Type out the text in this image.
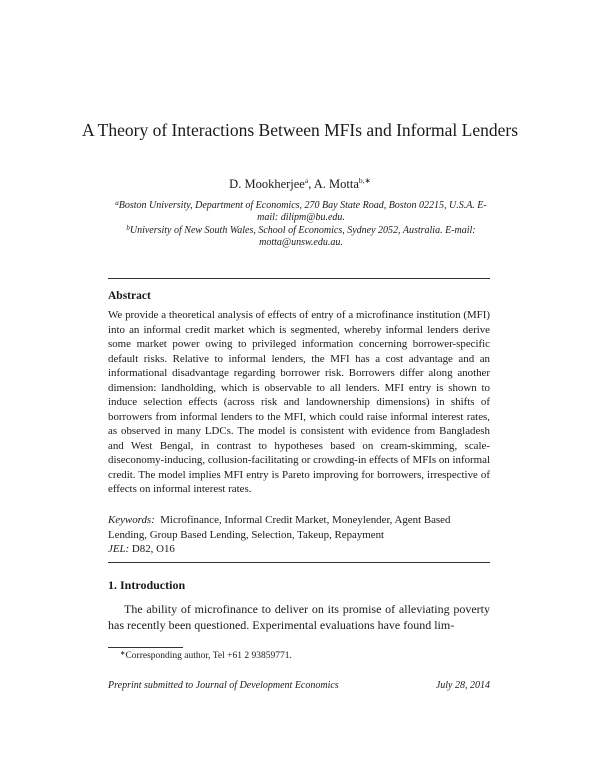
A Theory of Interactions Between MFIs and Informal Lenders
D. Mookherjee$^a$, A. Motta$^{b,∗}$
$^a$Boston University, Department of Economics, 270 Bay State Road, Boston 02215, U.S.A. E-mail: dilipm@bu.edu.
$^b$University of New South Wales, School of Economics, Sydney 2052, Australia. E-mail: motta@unsw.edu.au.
Abstract
We provide a theoretical analysis of effects of entry of a microfinance institution (MFI) into an informal credit market which is segmented, whereby informal lenders derive some market power owing to privileged information concerning borrower-specific default risks. Relative to informal lenders, the MFI has a cost advantage and an informational disadvantage regarding borrower risk. Borrowers differ along another dimension: landholding, which is observable to all lenders. MFI entry is shown to induce selection effects (across risk and landownership dimensions) in shifts of borrowers from informal lenders to the MFI, which could raise informal interest rates, as observed in many LDCs. The model is consistent with evidence from Bangladesh and West Bengal, in contrast to hypotheses based on cream-skimming, scale-diseconomy-inducing, collusion-facilitating or crowding-in effects of MFIs on informal credit. The model implies MFI entry is Pareto improving for borrowers, irrespective of effects on informal interest rates.
Keywords: Microfinance, Informal Credit Market, Moneylender, Agent Based Lending, Group Based Lending, Selection, Takeup, Repayment
JEL: D82, O16
1. Introduction
The ability of microfinance to deliver on its promise of alleviating poverty has recently been questioned. Experimental evaluations have found lim-
∗Corresponding author, Tel +61 2 93859771.
Preprint submitted to Journal of Development Economics	July 28, 2014
